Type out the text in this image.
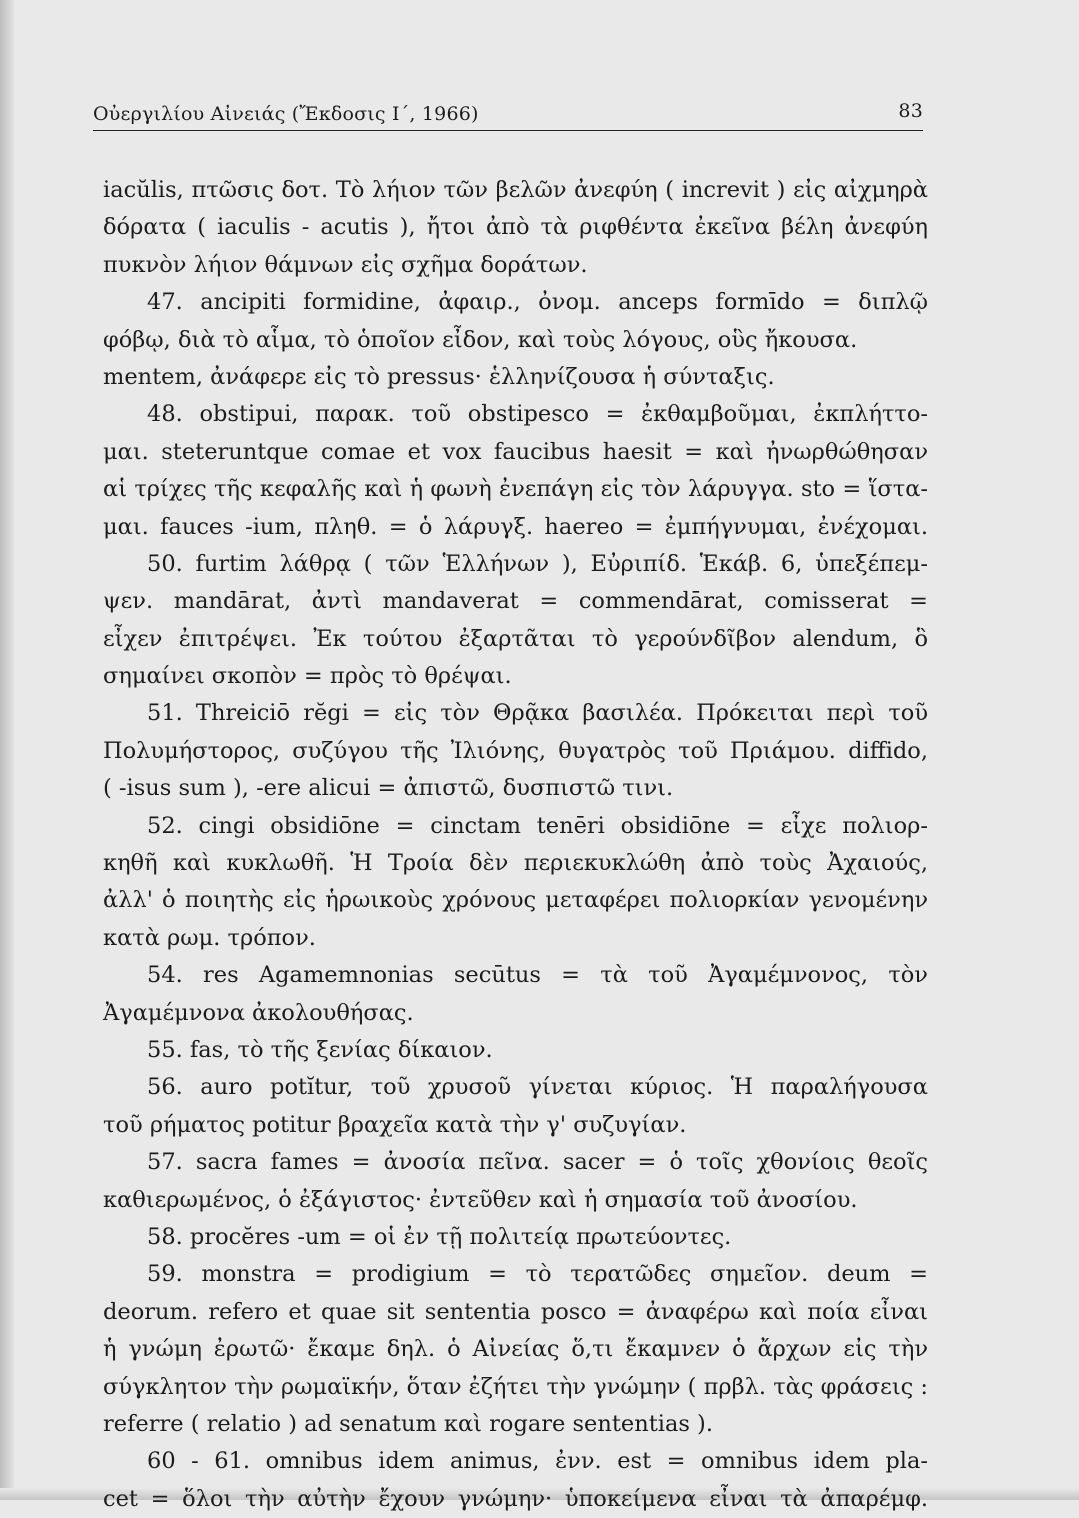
Οὐεργιλίου Αἰνειάς (Ἔκδοσις Ι΄, 1966)	83
iacŭlis, πτῶσις δοτ. Τὸ λήιον τῶν βελῶν ἀνεφύη ( increvit ) εἰς αἰχμηρὰ
δόρατα ( iaculis - acutis ), ἤτοι ἀπὸ τὰ ριφθέντα ἐκεῖνα βέλη ἀνεφύη
πυκνὸν λήιον θάμνων εἰς σχῆμα δοράτων.
47. ancipiti formidine, ἀφαιρ., ὀνομ. anceps formīdo = διπλῷ
φόβῳ, διὰ τὸ αἷμα, τὸ ὁποῖον εἶδον, καὶ τοὺς λόγους, οὓς ἤκουσα.
mentem, ἀνάφερε εἰς τὸ pressus· ἑλληνίζουσα ἡ σύνταξις.
48. obstipui, παρακ. τοῦ obstipesco = ἐκθαμβοῦμαι, ἐκπλήττο-
μαι. steteruntque comae et vox faucibus haesit = καὶ ἠνωρθώθησαν
αἱ τρίχες τῆς κεφαλῆς καὶ ἡ φωνὴ ἐνεπάγη εἰς τὸν λάρυγγα. sto = ἵστα-
μαι. fauces -ium, πληθ. = ὁ λάρυγξ. haereo = ἐμπήγνυμαι, ἐνέχομαι.
50. furtim λάθρᾳ ( τῶν Ἑλλήνων ), Εὐριπίδ. Ἑκάβ. 6, ὑπεξέπεμ-
ψεν. mandārat, ἀντὶ mandaverat = commendārat, comisserat =
εἶχεν ἐπιτρέψει. Ἐκ τούτου ἐξαρτᾶται τὸ γερούνδῖβον alendum, ὃ
σημαίνει σκοπὸν = πρὸς τὸ θρέψαι.
51. Threiciō rĕgi = εἰς τὸν Θρᾷκα βασιλέα. Πρόκειται περὶ τοῦ
Πολυμήστορος, συζύγου τῆς Ἰλιόνης, θυγατρὸς τοῦ Πριάμου. diffido,
( -isus sum ), -ere alicui = ἀπιστῶ, δυσπιστῶ τινι.
52. cingi obsidiōne = cinctam tenēri obsidiōne = εἶχε πολιορ-
κηθῆ καὶ κυκλωθῆ. Ἡ Τροία δὲν περιεκυκλώθη ἀπὸ τοὺς Ἀχαιούς,
ἀλλ' ὁ ποιητὴς εἰς ἡρωικοὺς χρόνους μεταφέρει πολιορκίαν γενομένην
κατὰ ρωμ. τρόπον.
54. res Agamemnonias secūtus = τὰ τοῦ Ἀγαμέμνονος, τὸν
Ἀγαμέμνονα ἀκολουθήσας.
55. fas, τὸ τῆς ξενίας δίκαιον.
56. auro potĭtur, τοῦ χρυσοῦ γίνεται κύριος. Ἡ παραλήγουσα
τοῦ ρήματος potitur βραχεῖα κατὰ τὴν γ' συζυγίαν.
57. sacra fames = ἀνοσία πεῖνα. sacer = ὁ τοῖς χθονίοις θεοῖς
καθιερωμένος, ὁ ἐξάγιστος· ἐντεῦθεν καὶ ἡ σημασία τοῦ ἀνοσίου.
58. procĕres -um = οἱ ἐν τῇ πολιτείᾳ πρωτεύοντες.
59. monstra = prodigium = τὸ τερατῶδες σημεῖον. deum =
deorum. refero et quae sit sententia posco = ἀναφέρω καὶ ποία εἶναι
ἡ γνώμη ἐρωτῶ· ἔκαμε δηλ. ὁ Αἰνείας ὅ,τι ἔκαμνεν ὁ ἄρχων εἰς τὴν
σύγκλητον τὴν ρωμαϊκήν, ὅταν ἐζήτει τὴν γνώμην ( πρβλ. τὰς φράσεις :
referre ( relatio ) ad senatum καὶ rogare sententias ).
60 - 61. omnibus idem animus, ἐνν. est = omnibus idem pla-
cet = ὅλοι τὴν αὐτὴν ἔχουν γνώμην· ὑποκείμενα εἶναι τὰ ἀπαρέμφ.
